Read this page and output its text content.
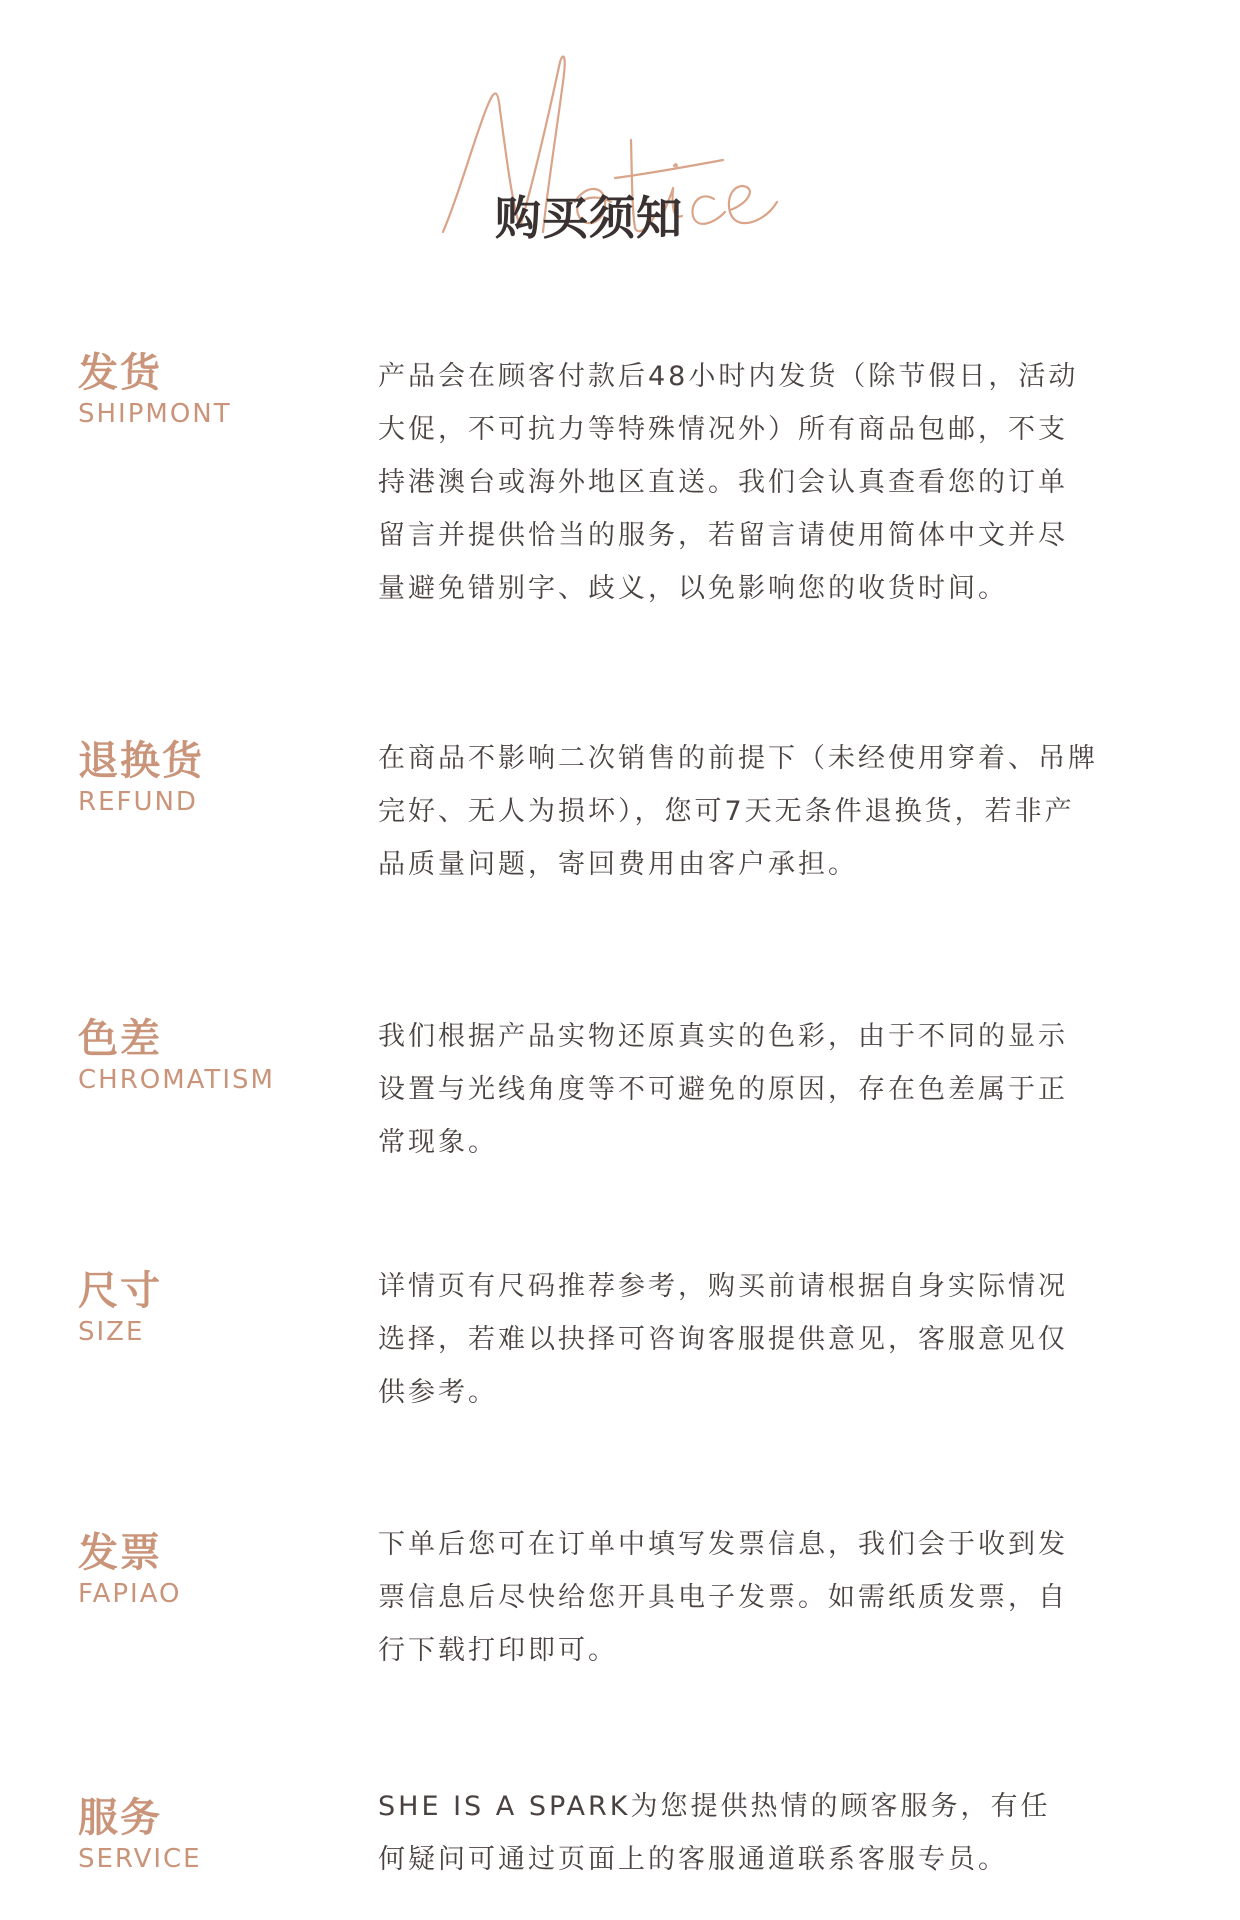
购买须知
发货
SHIPMONT

产品会在顾客付款后48小时内发货（除节假日，活动
大促，不可抗力等特殊情况外）所有商品包邮，不支
持港澳台或海外地区直送。我们会认真查看您的订单
留言并提供恰当的服务，若留言请使用简体中文并尽
量避免错别字、歧义，以免影响您的收货时间。

退换货
REFUND

在商品不影响二次销售的前提下（未经使用穿着、吊牌
完好、无人为损坏），您可7天无条件退换货，若非产
品质量问题，寄回费用由客户承担。

色差
CHROMATISM

我们根据产品实物还原真实的色彩，由于不同的显示
设置与光线角度等不可避免的原因，存在色差属于正
常现象。

尺寸
SIZE

详情页有尺码推荐参考，购买前请根据自身实际情况
选择，若难以抉择可咨询客服提供意见，客服意见仅
供参考。

发票
FAPIAO

下单后您可在订单中填写发票信息，我们会于收到发
票信息后尽快给您开具电子发票。如需纸质发票，自
行下载打印即可。

服务
SERVICE

SHE IS A SPARK为您提供热情的顾客服务，有任
何疑问可通过页面上的客服通道联系客服专员。
